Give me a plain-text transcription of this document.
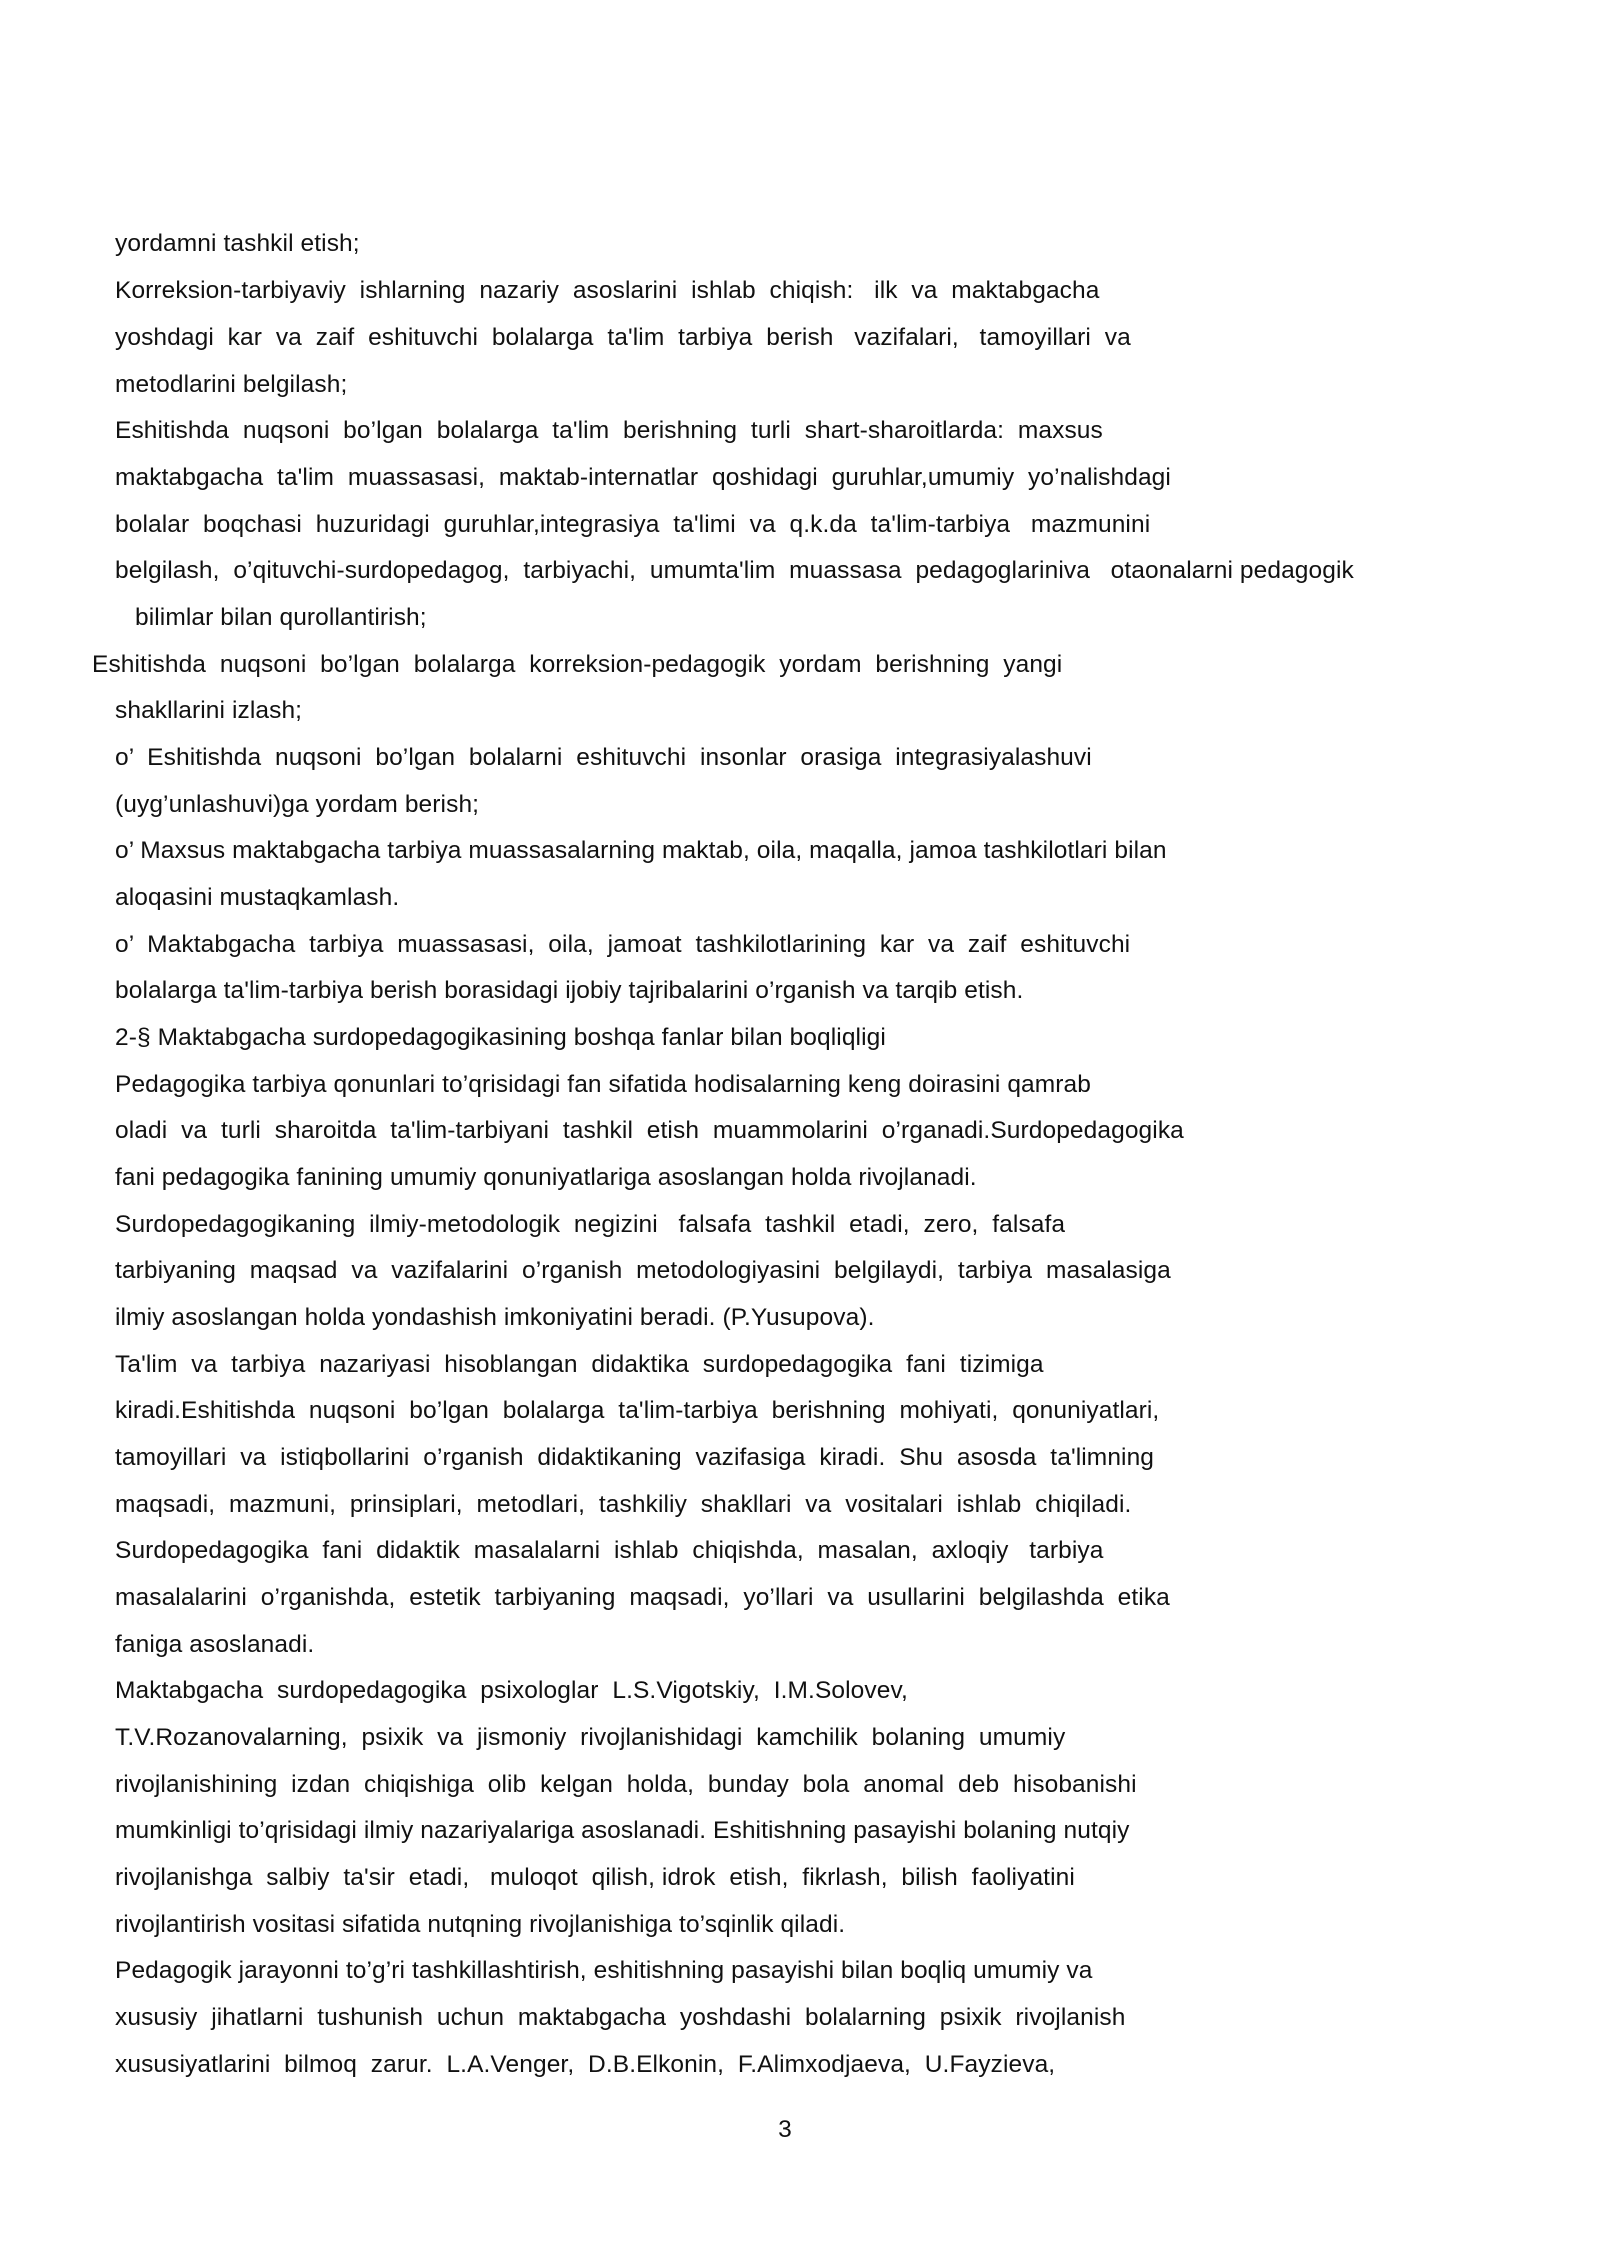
yordamni tashkil etish;
Korreksion-tarbiyaviy  ishlarning  nazariy  asoslarini  ishlab  chiqish:   ilk  va  maktabgacha
yoshdagi  kar  va  zaif  eshituvchi  bolalarga  ta'lim  tarbiya  berish   vazifalari,   tamoyillari  va
metodlarini belgilash;
Eshitishda  nuqsoni  bo’lgan  bolalarga  ta'lim  berishning  turli  shart-sharoitlarda:  maxsus
maktabgacha  ta'lim  muassasasi,  maktab-internatlar  qoshidagi  guruhlar,umumiy  yo’nalishdagi
bolalar  boqchasi  huzuridagi  guruhlar,integrasiya  ta'limi  va  q.k.da  ta'lim-tarbiya   mazmunini
belgilash,  o’qituvchi-surdopedagog,  tarbiyachi,  umumta'lim  muassasa  pedagoglariniva   otaonalarni pedagogik
bilimlar bilan qurollantirish;
Eshitishda  nuqsoni  bo’lgan  bolalarga  korreksion-pedagogik  yordam  berishning  yangi
shakllarini izlash;
o’  Eshitishda  nuqsoni  bo’lgan  bolalarni  eshituvchi  insonlar  orasiga  integrasiyalashuvi
(uyg’unlashuvi)ga yordam berish;
o’ Maxsus maktabgacha tarbiya muassasalarning maktab, oila, maqalla, jamoa tashkilotlari bilan
aloqasini mustaqkamlash.
o’  Maktabgacha  tarbiya  muassasasi,  oila,  jamoat  tashkilotlarining  kar  va  zaif  eshituvchi
bolalarga ta'lim-tarbiya berish borasidagi ijobiy tajribalarini o’rganish va tarqib etish.
2-§ Maktabgacha surdopedagogikasining boshqa fanlar bilan boqliqligi
Pedagogika tarbiya qonunlari to’qrisidagi fan sifatida hodisalarning keng doirasini qamrab
oladi  va  turli  sharoitda  ta'lim-tarbiyani  tashkil  etish  muammolarini  o’rganadi.Surdopedagogika
fani pedagogika fanining umumiy qonuniyatlariga asoslangan holda rivojlanadi.
Surdopedagogikaning  ilmiy-metodologik  negizini   falsafa  tashkil  etadi,  zero,  falsafa
tarbiyaning  maqsad  va  vazifalarini  o’rganish  metodologiyasini  belgilaydi,  tarbiya  masalasiga
ilmiy asoslangan holda yondashish imkoniyatini beradi. (P.Yusupova).
Ta'lim  va  tarbiya  nazariyasi  hisoblangan  didaktika  surdopedagogika  fani  tizimiga
kiradi.Eshitishda  nuqsoni  bo’lgan  bolalarga  ta'lim-tarbiya  berishning  mohiyati,  qonuniyatlari,
tamoyillari  va  istiqbollarini  o’rganish  didaktikaning  vazifasiga  kiradi.  Shu  asosda  ta'limning
maqsadi,  mazmuni,  prinsiplari,  metodlari,  tashkiliy  shakllari  va  vositalari  ishlab  chiqiladi.
Surdopedagogika  fani  didaktik  masalalarni  ishlab  chiqishda,  masalan,  axloqiy   tarbiya
masalalarini  o’rganishda,  estetik  tarbiyaning  maqsadi,  yo’llari  va  usullarini  belgilashda  etika
faniga asoslanadi.
Maktabgacha  surdopedagogika  psixologlar  L.S.Vigotskiy,  I.M.Solovev,
T.V.Rozanovalarning,  psixik  va  jismoniy  rivojlanishidagi  kamchilik  bolaning  umumiy
rivojlanishining  izdan  chiqishiga  olib  kelgan  holda,  bunday  bola  anomal  deb  hisobanishi
mumkinligi to’qrisidagi ilmiy nazariyalariga asoslanadi. Eshitishning pasayishi bolaning nutqiy
rivojlanishga  salbiy  ta'sir  etadi,   muloqot  qilish, idrok  etish,  fikrlash,  bilish  faoliyatini
rivojlantirish vositasi sifatida nutqning rivojlanishiga to’sqinlik qiladi.
Pedagogik jarayonni to’g’ri tashkillashtirish, eshitishning pasayishi bilan boqliq umumiy va
xususiy  jihatlarni  tushunish  uchun  maktabgacha  yoshdashi  bolalarning  psixik  rivojlanish
xususiyatlarini  bilmoq  zarur.  L.A.Venger,  D.B.Elkonin,  F.Alimxodjaeva,  U.Fayzieva,
3
